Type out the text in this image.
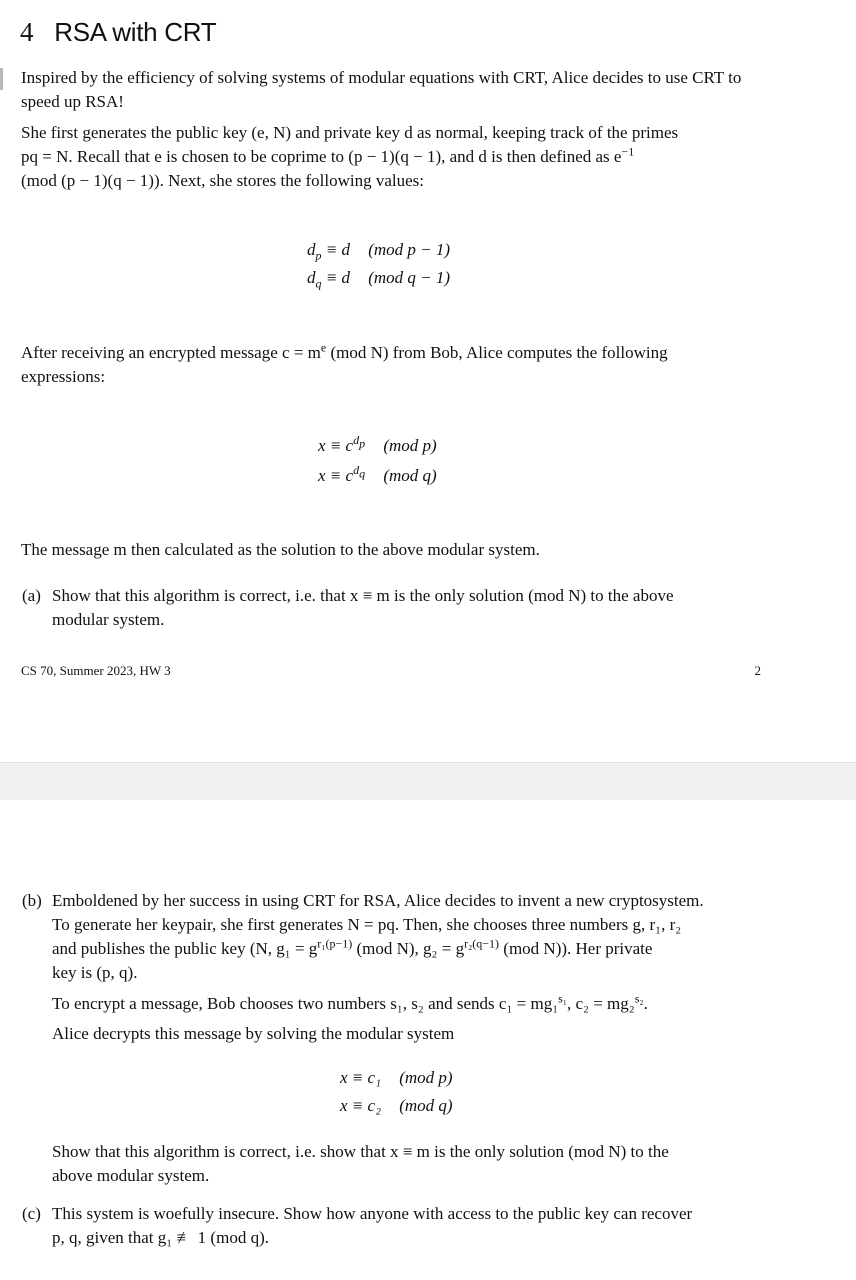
4 RSA with CRT
Inspired by the efficiency of solving systems of modular equations with CRT, Alice decides to use CRT to speed up RSA!
She first generates the public key (e, N) and private key d as normal, keeping track of the primes
pq = N. Recall that e is chosen to be coprime to (p − 1)(q − 1), and d is then defined as $e^{-1}$
(mod (p − 1)(q − 1)). Next, she stores the following values:
$d_p \equiv d$ (mod p − 1)
$d_q \equiv d$ (mod q − 1)
After receiving an encrypted message $c = m^e$ (mod N) from Bob, Alice computes the following
expressions:
$x \equiv c^{d_p}$ (mod p)
$x \equiv c^{d_q}$ (mod q)
The message m then calculated as the solution to the above modular system.
(a) Show that this algorithm is correct, i.e. that x ≡ m is the only solution (mod N) to the above
modular system.
CS 70, Summer 2023, HW 3	2
(b) Emboldened by her success in using CRT for RSA, Alice decides to invent a new cryptosystem.
To generate her keypair, she first generates N = pq. Then, she chooses three numbers g, r₁, r₂
and publishes the public key (N, $g_1 = g^{r_1(p-1)}$ (mod N), $g_2 = g^{r_2(q-1)}$ (mod N)). Her private
key is (p, q).
To encrypt a message, Bob chooses two numbers s₁, s₂ and sends c₁ = mg₁$^{s_1}$, c₂ = mg₂$^{s_2}$.
Alice decrypts this message by solving the modular system
x ≡ c₁ (mod p)
x ≡ c₂ (mod q)
Show that this algorithm is correct, i.e. show that x ≡ m is the only solution (mod N) to the
above modular system.
(c) This system is woefully insecure. Show how anyone with access to the public key can recover
p, q, given that g₁ ≢ 1 (mod q).
